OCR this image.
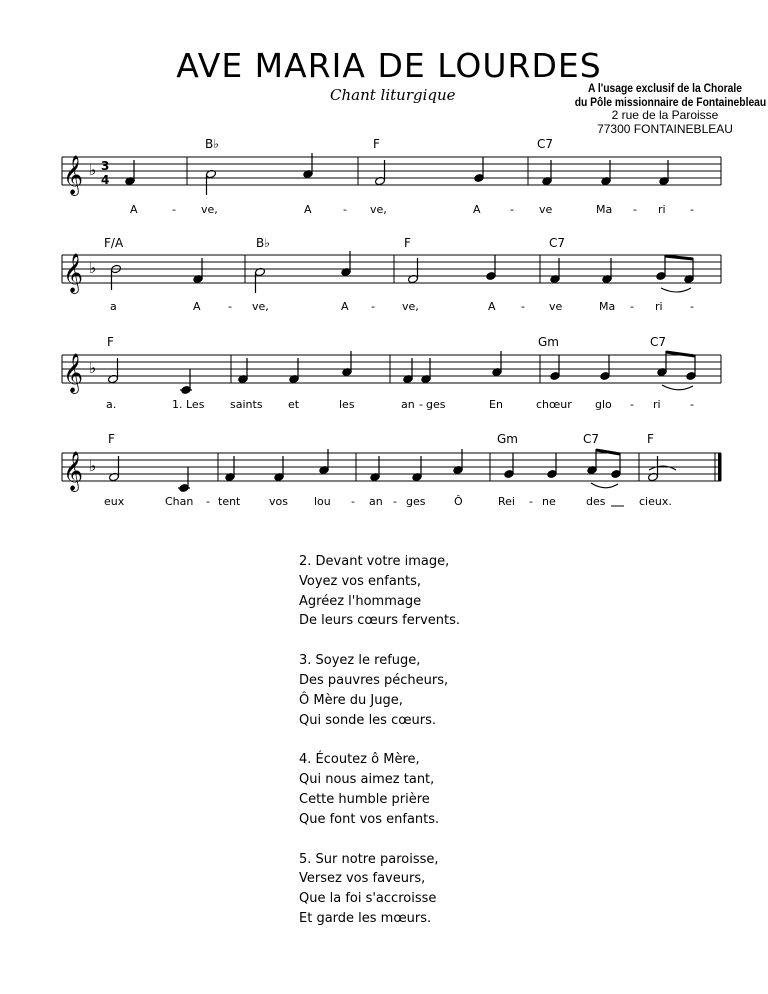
AVE MARIA DE LOURDES
Chant liturgique	A l'usage exclusif de la Chorale
du Pôle missionnaire de Fontainebleau
2 rue de la Paroisse
77300 FONTAINEBLEAU
𝄞 ♭ 3
4
B♭	F	C7
A	- ve,	A	- ve,	A	- ve	Ma - ri -
𝄞 ♭
F/A	B♭	F	C7
a	A - ve,	A - ve,	A - ve	Ma - ri -
𝄞 ♭
F	Gm	C7
a.	1. Les saints et	les	an - ges	En	chœur glo - ri	-
𝄞 ♭
F	Gm	C7	F
eux	Chan - tent	vos lou - an - ges	Ô	Rei - ne	des	cieux.
2. Devant votre image,
Voyez vos enfants,
Agréez l'hommage
De leurs cœurs fervents.
3. Soyez le refuge,
Des pauvres pécheurs,
Ô Mère du Juge,
Qui sonde les cœurs.
4. Écoutez ô Mère,
Qui nous aimez tant,
Cette humble prière
Que font vos enfants.
5. Sur notre paroisse,
Versez vos faveurs,
Que la foi s'accroisse
Et garde les mœurs.
